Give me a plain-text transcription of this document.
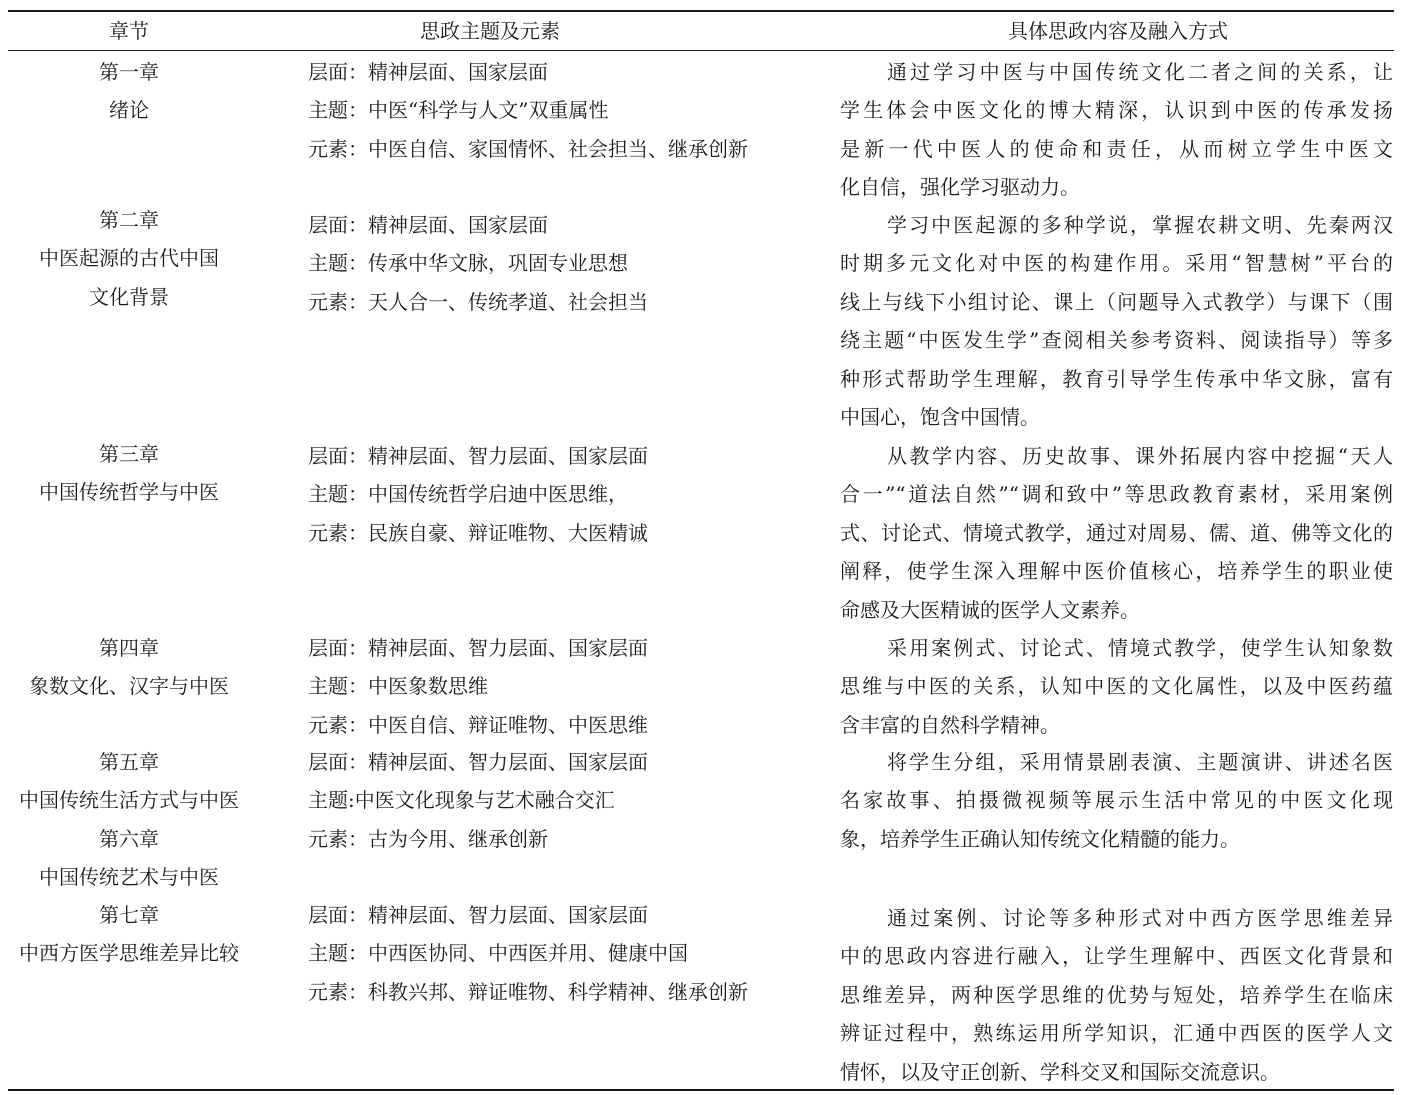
章节	思政主题及元素	具体思政内容及融入方式
第一章
绪论
层面：精神层面、国家层面
主题：中医“科学与人文”双重属性
元素：中医自信、家国情怀、社会担当、继承创新
通过学习中医与中国传统文化二者之间的关系，让
学生体会中医文化的博大精深，认识到中医的传承发扬
是新一代中医人的使命和责任，从而树立学生中医文
化自信，强化学习驱动力。
第二章
中医起源的古代中国
文化背景
层面：精神层面、国家层面
主题：传承中华文脉，巩固专业思想
元素：天人合一、传统孝道、社会担当
学习中医起源的多种学说，掌握农耕文明、先秦两汉
时期多元文化对中医的构建作用。采用“智慧树”平台的
线上与线下小组讨论、课上（问题导入式教学）与课下（围
绕主题“中医发生学”查阅相关参考资料、阅读指导）等多
种形式帮助学生理解，教育引导学生传承中华文脉，富有
中国心，饱含中国情。
第三章
中国传统哲学与中医
层面：精神层面、智力层面、国家层面
主题：中国传统哲学启迪中医思维，
元素：民族自豪、辩证唯物、大医精诚
从教学内容、历史故事、课外拓展内容中挖掘“天人
合一”“道法自然”“调和致中”等思政教育素材，采用案例
式、讨论式、情境式教学，通过对周易、儒、道、佛等文化的
阐释，使学生深入理解中医价值核心，培养学生的职业使
命感及大医精诚的医学人文素养。
第四章
象数文化、汉字与中医
层面：精神层面、智力层面、国家层面
主题：中医象数思维
元素：中医自信、辩证唯物、中医思维
采用案例式、讨论式、情境式教学，使学生认知象数
思维与中医的关系，认知中医的文化属性，以及中医药蕴
含丰富的自然科学精神。
第五章
中国传统生活方式与中医
第六章
中国传统艺术与中医
层面：精神层面、智力层面、国家层面
主题:中医文化现象与艺术融合交汇
元素：古为今用、继承创新
将学生分组，采用情景剧表演、主题演讲、讲述名医
名家故事、拍摄微视频等展示生活中常见的中医文化现
象，培养学生正确认知传统文化精髓的能力。
第七章
中西方医学思维差异比较
层面：精神层面、智力层面、国家层面
主题：中西医协同、中西医并用、健康中国
元素：科教兴邦、辩证唯物、科学精神、继承创新
通过案例、讨论等多种形式对中西方医学思维差异
中的思政内容进行融入，让学生理解中、西医文化背景和
思维差异，两种医学思维的优势与短处，培养学生在临床
辨证过程中，熟练运用所学知识，汇通中西医的医学人文
情怀，以及守正创新、学科交叉和国际交流意识。
